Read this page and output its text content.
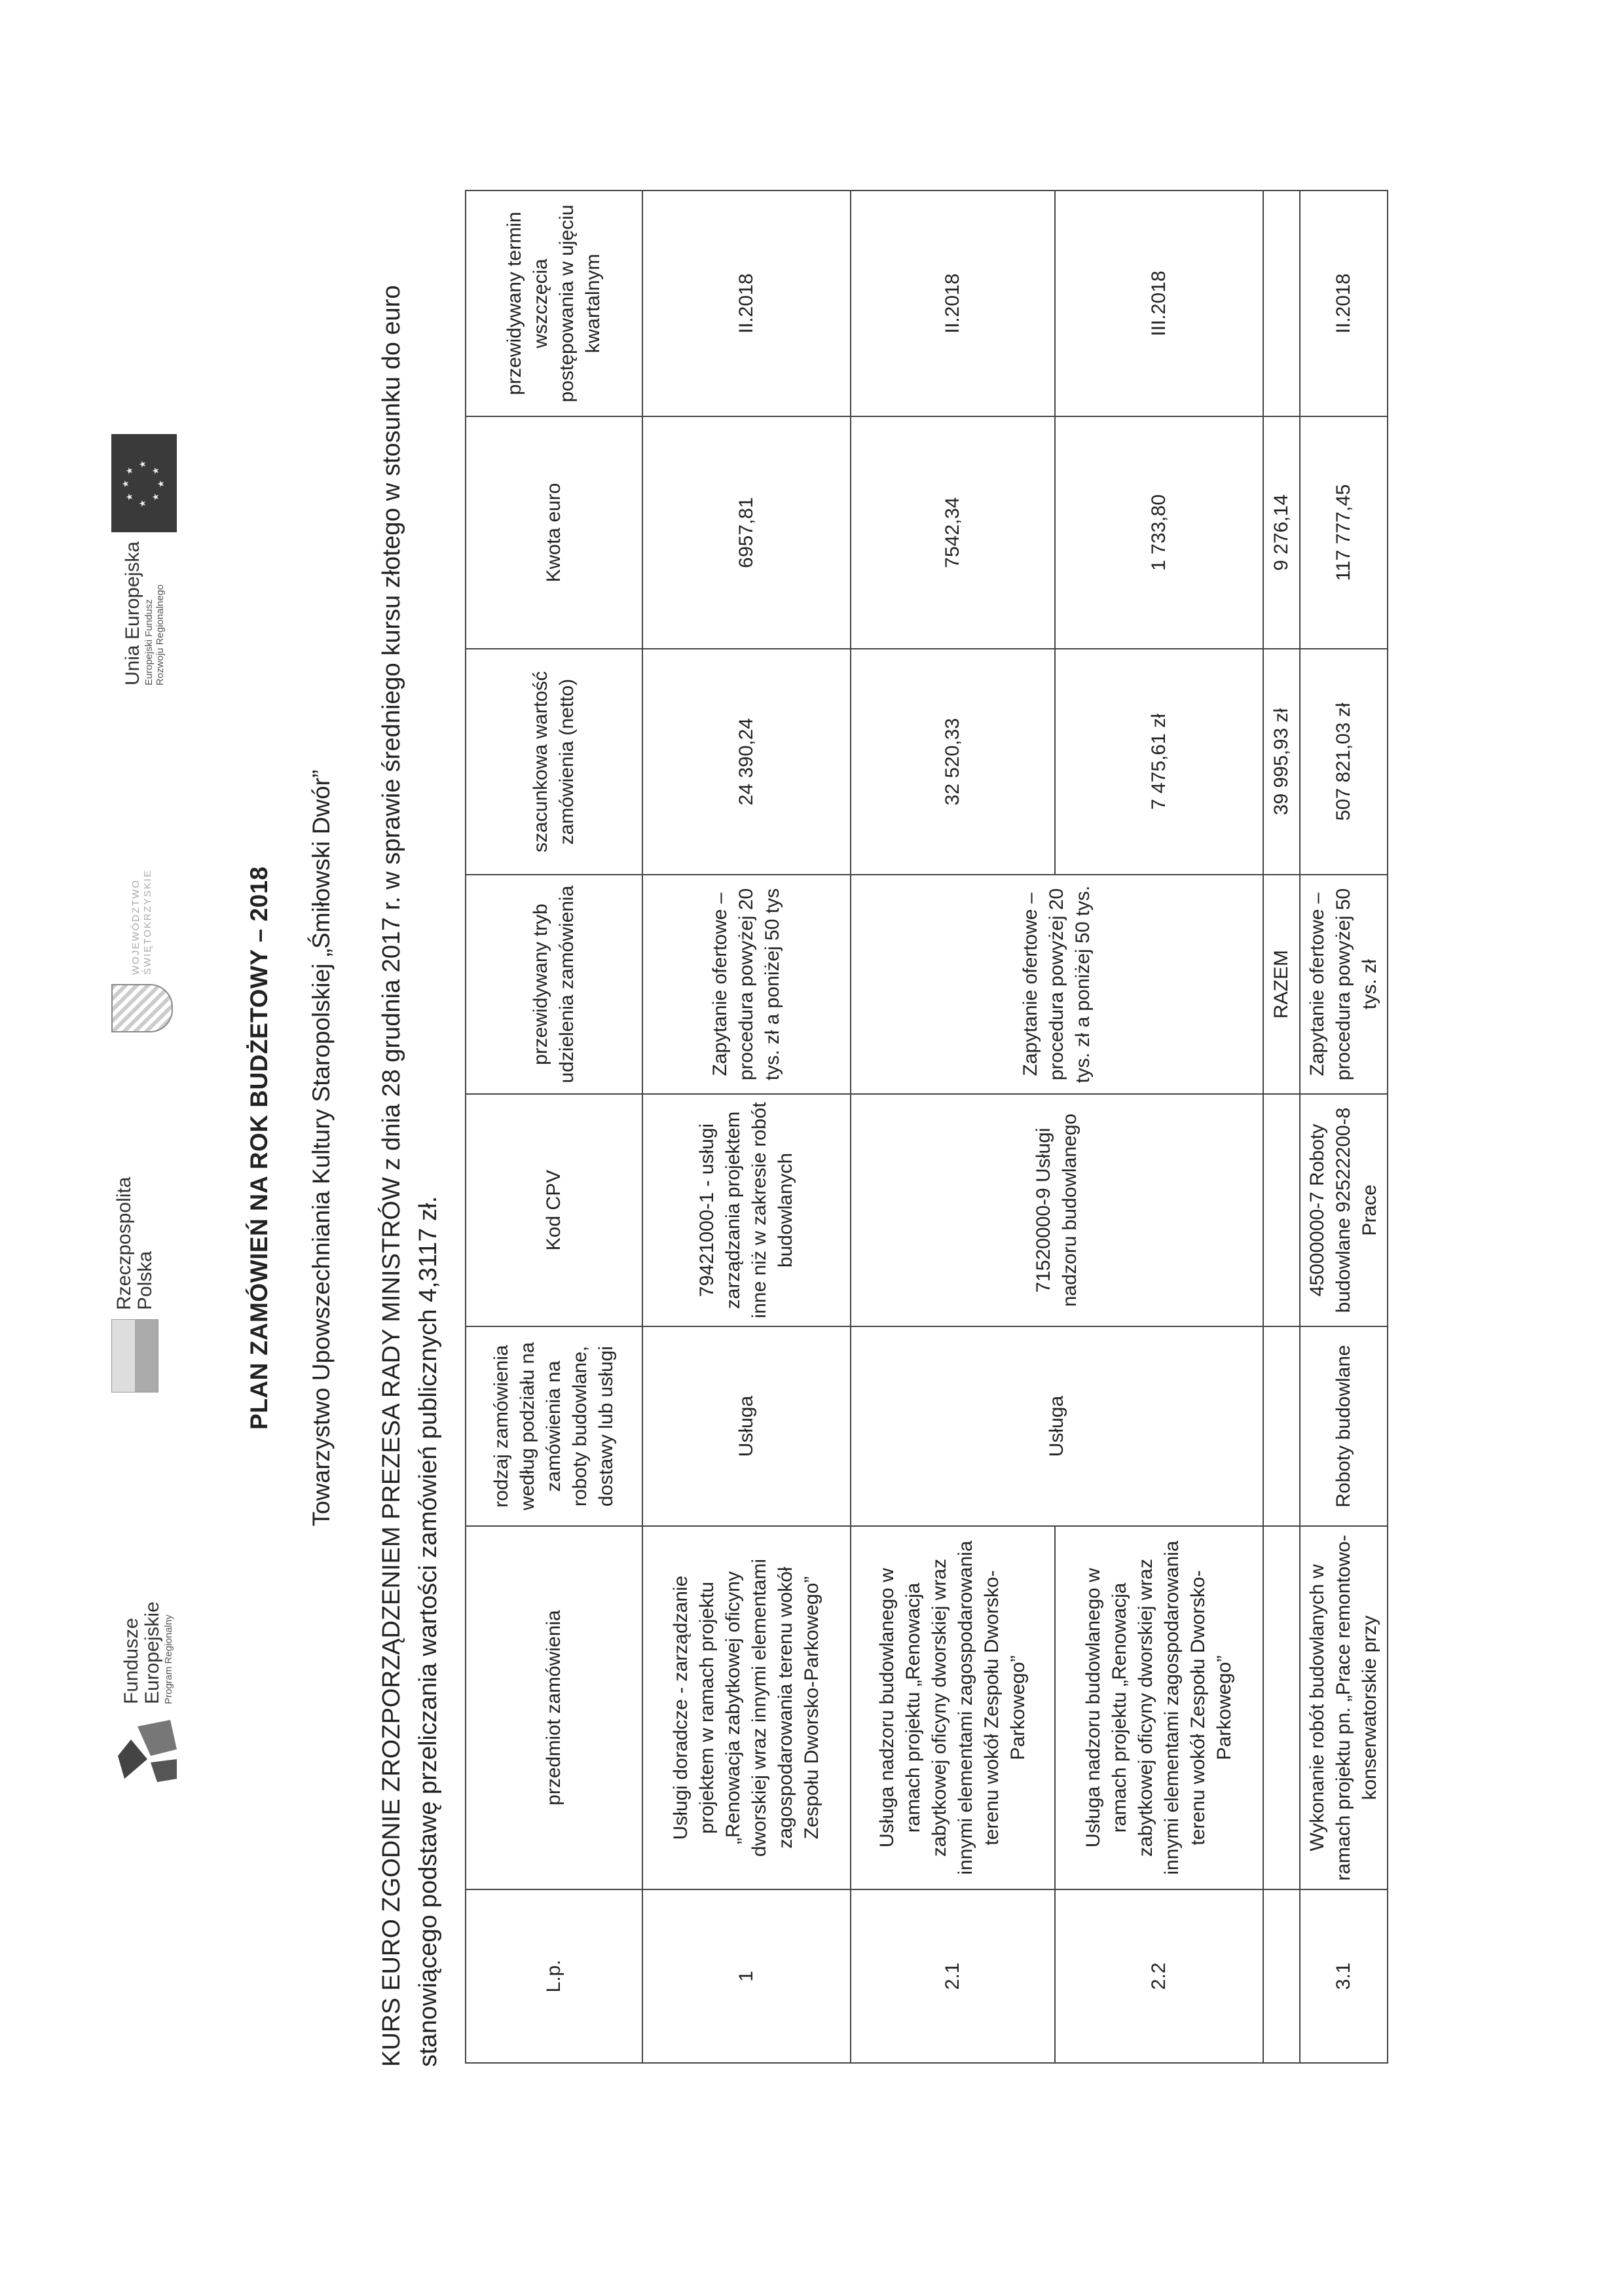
Fundusze Europejskie Program Regionalny
Rzeczpospolita Polska
WOJEWÓDZTWO ŚWIĘTOKRZYSKIE
Unia Europejska Europejski Fundusz Rozwoju Regionalnego
★
★
★
★
★
★
★
★
PLAN ZAMÓWIEŃ NA ROK BUDŻETOWY – 2018 Towarzystwo Upowszechniania Kultury Staropolskiej „Śmiłowski Dwór” KURS EURO ZGODNIE ZROZPORZĄDZENIEM PREZESA RADY MINISTRÓW z dnia 28 grudnia 2017 r. w sprawie średniego kursu złotego w stosunku do euro stanowiącego podstawę przeliczania wartości zamówień publicznych 4,3117 zł.	L.p.	przedmiot zamówienia	rodzaj zamówienia według podziału na zamówienia na roboty budowlane, dostawy lub usługi	Kod CPV	przewidywany tryb udzielenia zamówienia	szacunkowa wartość zamówienia (netto)	Kwota euro	przewidywany termin wszczęcia postępowania w ujęciu kwartalnym
1	Usługi doradcze - zarządzanie projektem w ramach projektu „Renowacja zabytkowej oficyny dworskiej wraz innymi elementami zagospodarowania terenu wokół Zespołu Dworsko-Parkowego”	Usługa	79421000-1 - usługi zarządzania projektem inne niż w zakresie robót budowlanych	Zapytanie ofertowe – procedura powyżej 20 tys. zł a poniżej 50 tys	24 390,24	6957,81	II.2018
2.1	Usługa nadzoru budowlanego w ramach projektu „Renowacja zabytkowej oficyny dworskiej wraz innymi elementami zagospodarowania terenu wokół Zespołu Dworsko-Parkowego”	Usługa	71520000-9 Usługi nadzoru budowlanego	Zapytanie ofertowe – procedura powyżej 20 tys. zł a poniżej 50 tys.	32 520,33	7542,34	II.2018
2.2	Usługa nadzoru budowlanego w ramach projektu „Renowacja zabytkowej oficyny dworskiej wraz innymi elementami zagospodarowania terenu wokół Zespołu Dworsko-Parkowego”				7 475,61 zł	1 733,80	III.2018
				RAZEM	39 995,93 zł	9 276,14	
3.1	Wykonanie robót budowlanych w ramach projektu pn. „Prace remontowo-konserwatorskie przy	Roboty budowlane	45000000-7 Roboty budowlane 92522200-8 Prace	Zapytanie ofertowe – procedura powyżej 50 tys. zł	507 821,03 zł	117 777,45	II.2018
